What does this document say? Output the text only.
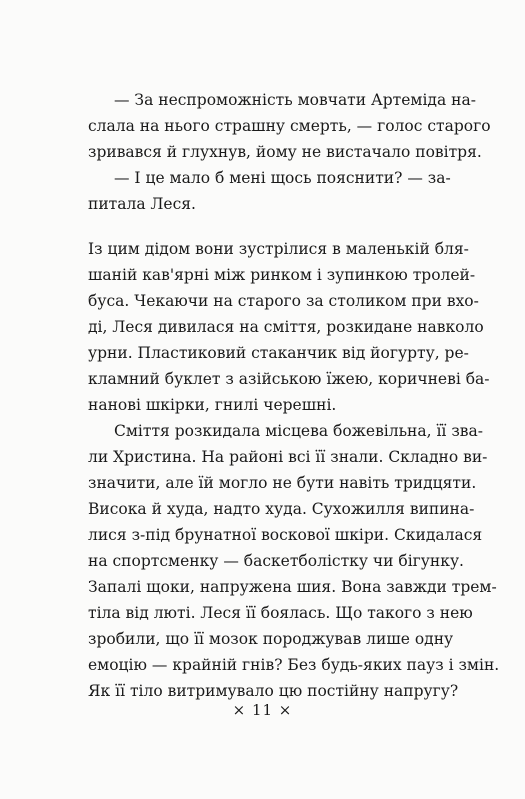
— За неспроможність мовчати Артеміда на-
слала на нього страшну смерть, — голос старого
зривався й глухнув, йому не вистачало повітря.
— І це мало б мені щось пояснити? — за-
питала Леся.
Із цим дідом вони зустрілися в маленькій бля-
шаній кав'ярні між ринком і зупинкою тролей-
буса. Чекаючи на старого за столиком при вхо-
ді, Леся дивилася на сміття, розкидане навколо
урни. Пластиковий стаканчик від йогурту, ре-
кламний буклет з азійською їжею, коричневі ба-
нанові шкірки, гнилі черешні.
Сміття розкидала місцева божевільна, її зва-
ли Христина. На районі всі її знали. Складно ви-
значити, але їй могло не бути навіть тридцяти.
Висока й худа, надто худа. Сухожилля випина-
лися з-під брунатної воскової шкіри. Скидалася
на спортсменку — баскетболістку чи бігунку.
Запалі щоки, напружена шия. Вона завжди трем-
тіла від люті. Леся її боялась. Що такого з нею
зробили, що її мозок породжував лише одну
емоцію — крайній гнів? Без будь-яких пауз і змін.
Як її тіло витримувало цю постійну напругу?
× 11 ×
